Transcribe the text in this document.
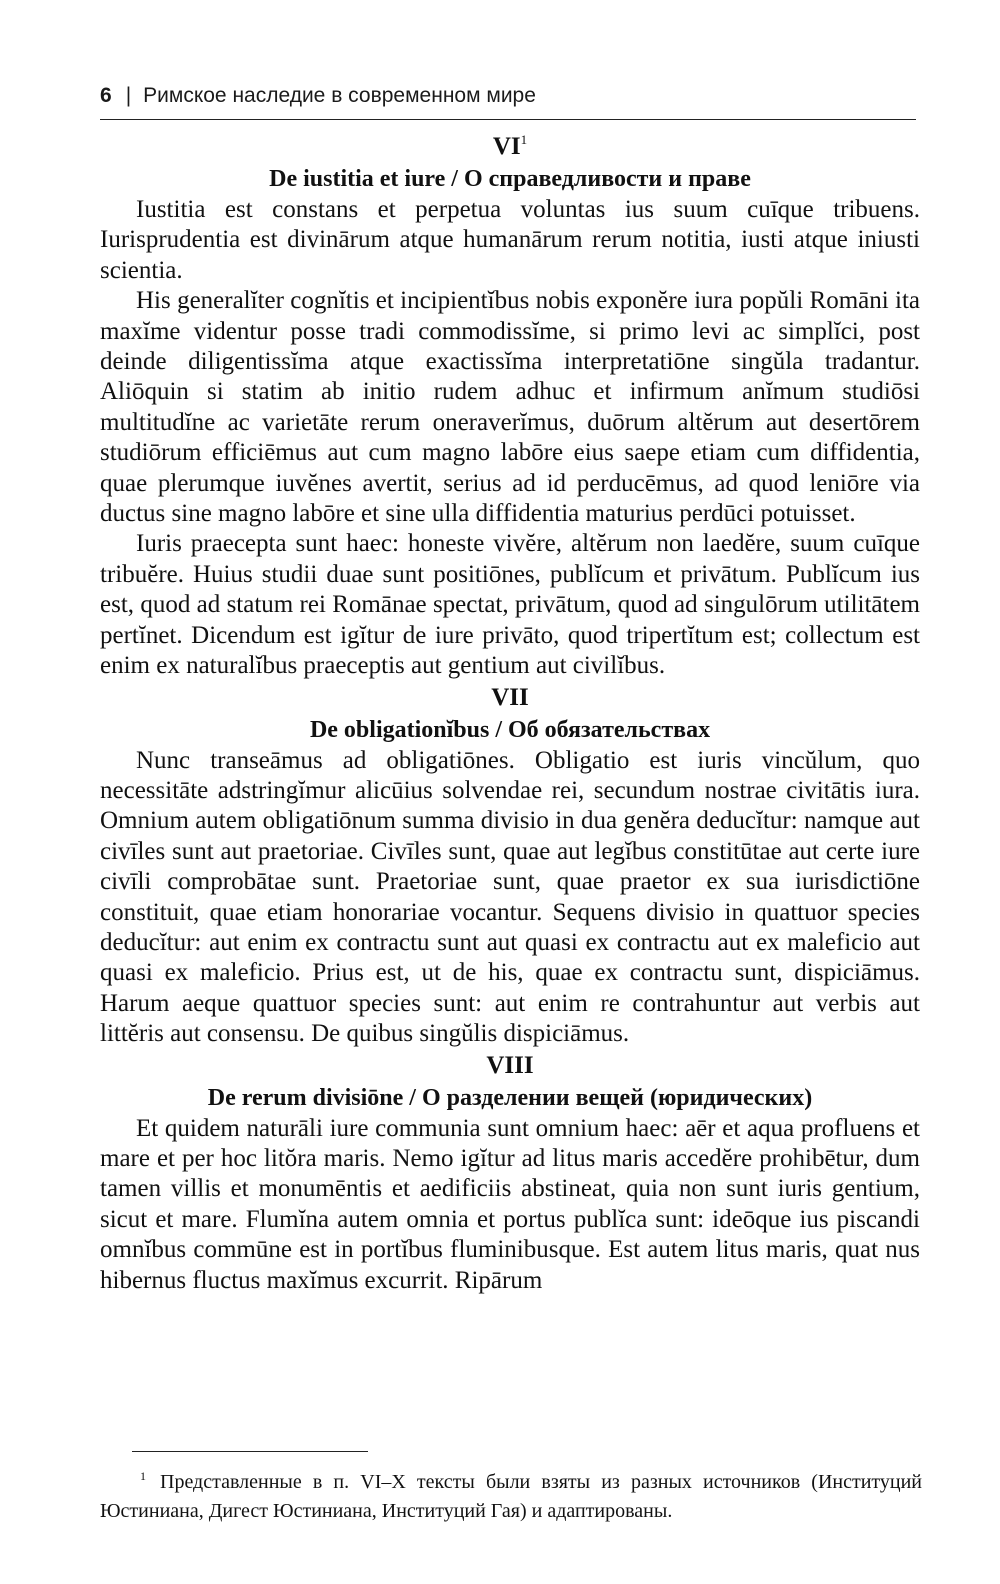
6 | Римское наследие в современном мире
$VI^1$
De iustitia et iure / О справедливости и праве

Iustitia est constans et perpetua voluntas ius suum cuīque tribuens. Iurisprudentia est divinārum atque humanārum rerum notitia, iusti atque iniusti scientia.

His generalĭter cognĭtis et incipientĭbus nobis exponĕre iura popŭli Romāni ita maxĭme videntur posse tradi commodissĭme, si primo levi ac simplĭci, post deinde diligentissĭma atque exactissĭma interpretatiōne singŭla tradantur. Aliōquin si statim ab initio rudem adhuc et infirmum anĭmum studiōsi multitudĭne ac varietāte rerum oneraverĭmus, duōrum altĕrum aut desertōrem studiōrum efficiēmus aut cum magno labōre eius saepe etiam cum diffidentia, quae plerumque iuvĕnes avertit, serius ad id perducēmus, ad quod leniōre via ductus sine magno labōre et sine ulla diffidentia maturius perdūci potuisset.

Iuris praecepta sunt haec: honeste vivĕre, altĕrum non laedĕre, suum cuīque tribuĕre. Huius studii duae sunt positiōnes, publĭcum et privātum. Publĭcum ius est, quod ad statum rei Romānae spectat, privātum, quod ad singulōrum utilitātem pertĭnet. Dicendum est igĭtur de iure privāto, quod tripertĭtum est; collectum est enim ex naturalĭbus praeceptis aut gentium aut civilĭbus.

VII
De obligationĭbus / Об обязательствах

Nunc transeāmus ad obligatiōnes. Obligatio est iuris vincŭlum, quo necessitāte adstringĭmur alicūius solvendae rei, secundum nostrae civitātis iura. Omnium autem obligatiōnum summa divisio in dua genĕra deducĭtur: namque aut civīles sunt aut praetoriae. Civīles sunt, quae aut legĭbus constitūtae aut certe iure civīli comprobātae sunt. Praetoriae sunt, quae praetor ex sua iurisdictiōne constituit, quae etiam honorariae vocantur. Sequens divisio in quattuor species deducĭtur: aut enim ex contractu sunt aut quasi ex contractu aut ex maleficio aut quasi ex maleficio. Prius est, ut de his, quae ex contractu sunt, dispiciāmus. Harum aeque quattuor species sunt: aut enim re contrahuntur aut verbis aut littĕris aut consensu. De quibus singŭlis dispiciāmus.

VIII
De rerum divisiōne / О разделении вещей (юридических)

Et quidem naturāli iure communia sunt omnium haec: aēr et aqua profluens et mare et per hoc litŏra maris. Nemo igĭtur ad litus maris accedĕre prohibētur, dum tamen villis et monumēntis et aedificiis abstineat, quia non sunt iuris gentium, sicut et mare. Flumĭna autem omnia et portus publĭca sunt: ideōque ius piscandi omnĭbus commūne est in portĭbus fluminibusque. Est autem litus maris, quat nus hibernus fluctus maxĭmus excurrit. Ripārum

$^1$ Представленные в п. VI–X тексты были взяты из разных источников (Институций Юстиниана, Дигест Юстиниана, Институций Гая) и адаптированы.
